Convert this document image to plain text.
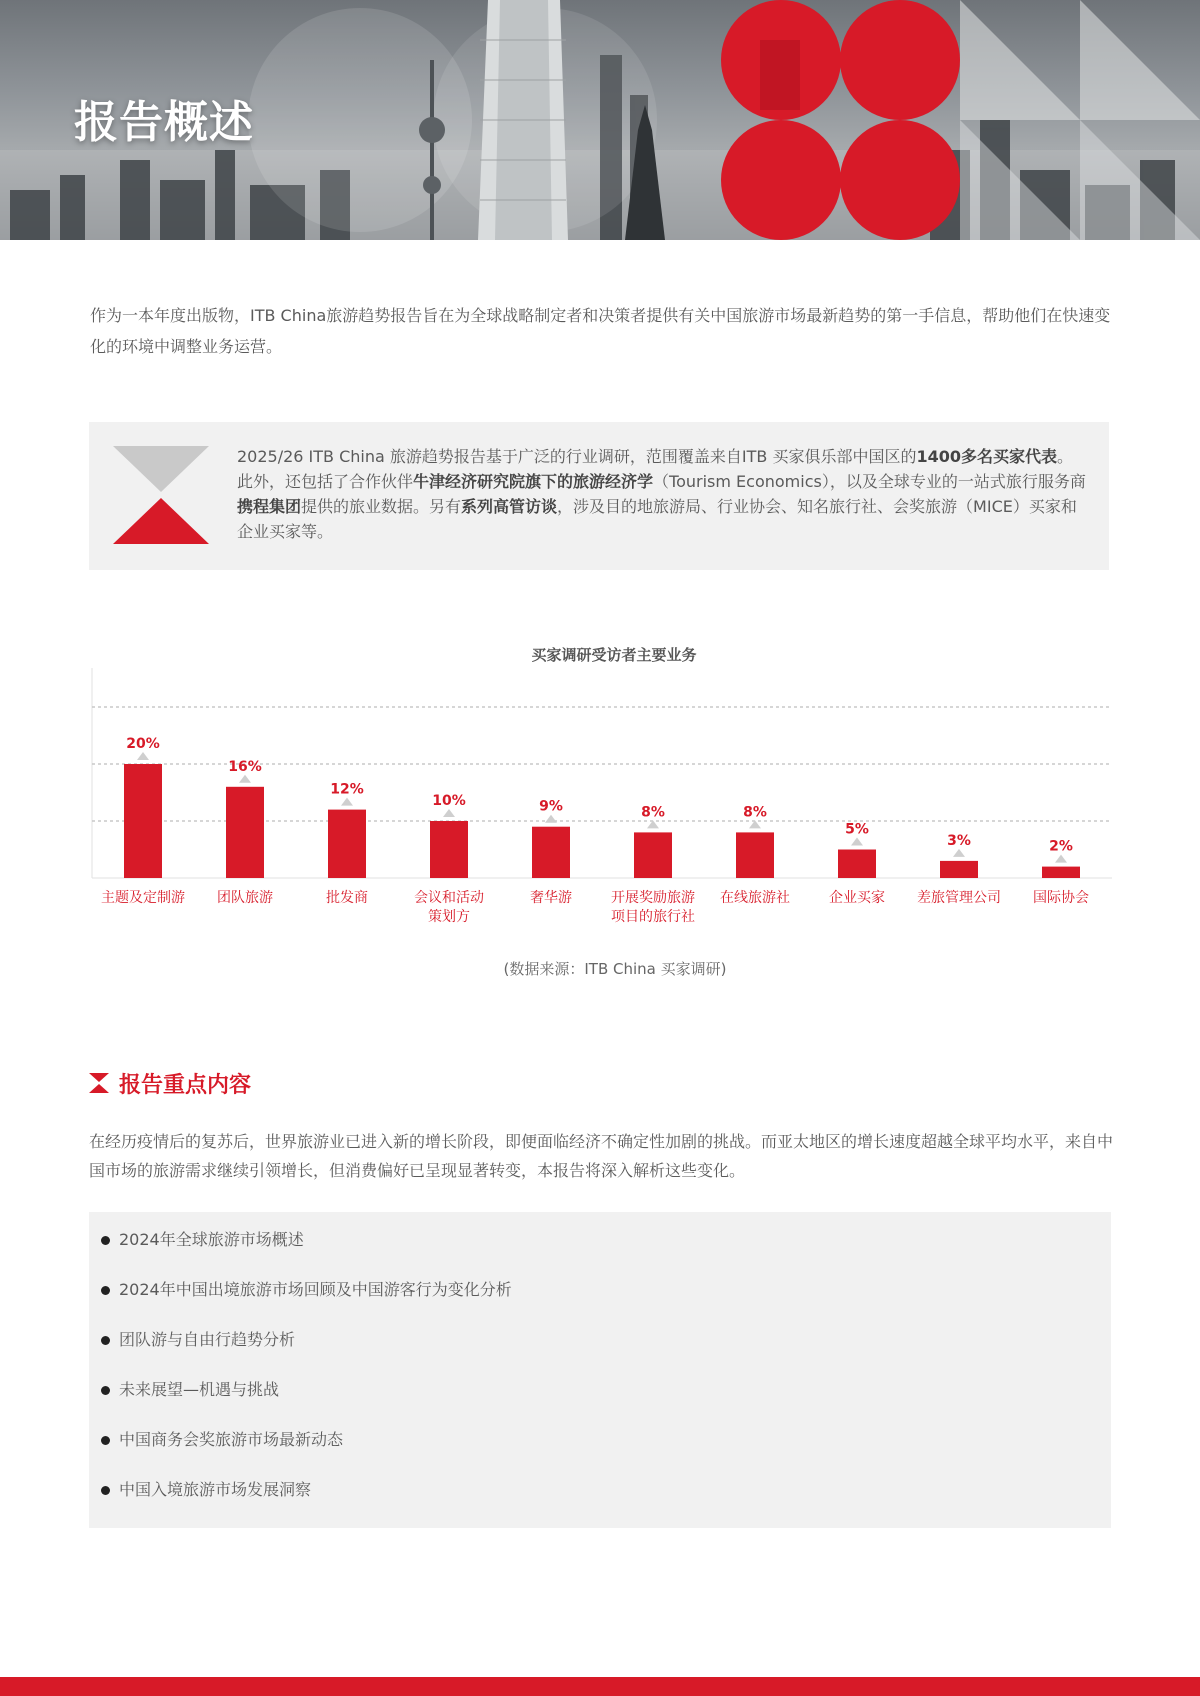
报告概述

作为一本年度出版物，ITB China旅游趋势报告旨在为全球战略制定者和决策者提供有关中国旅游市场最新趋势的第一手信息，帮助他们在快速变化的环境中调整业务运营。

2025/26 ITB China 旅游趋势报告基于广泛的行业调研，范围覆盖来自ITB 买家俱乐部中国区的1400多名买家代表。此外，还包括了合作伙伴牛津经济研究院旗下的旅游经济学（Tourism Economics），以及全球专业的一站式旅行服务商携程集团提供的旅业数据。另有系列高管访谈，涉及目的地旅游局、行业协会、知名旅行社、会奖旅游（MICE）买家和企业买家等。

买家调研受访者主要业务
20%
主题及定制游
16%
团队旅游
12%
批发商
10%
会议和活动策划方
9%
奢华游
8%
开展奖励旅游项目的旅行社
8%
在线旅游社
5%
企业买家
3%
差旅管理公司
2%
国际协会
(数据来源：ITB China 买家调研)
报告重点内容

在经历疫情后的复苏后，世界旅游业已进入新的增长阶段，即便面临经济不确定性加剧的挑战。而亚太地区的增长速度超越全球平均水平，来自中国市场的旅游需求继续引领增长，但消费偏好已呈现显著转变，本报告将深入解析这些变化。

2024年全球旅游市场概述
2024年中国出境旅游市场回顾及中国游客行为变化分析
团队游与自由行趋势分析
未来展望—机遇与挑战
中国商务会奖旅游市场最新动态
中国入境旅游市场发展洞察
